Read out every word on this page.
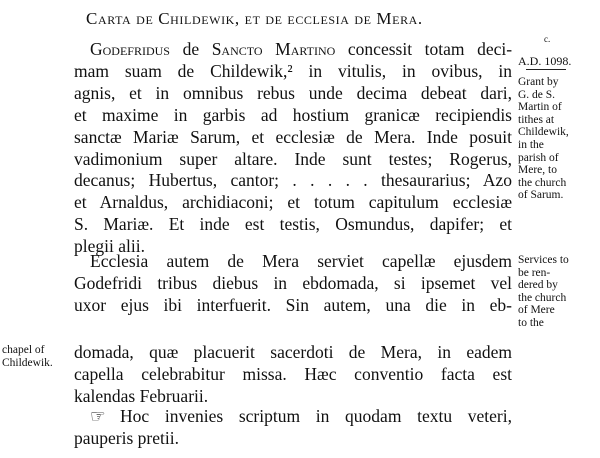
Carta de Childewik, et de ecclesia de Mera.
$^{c.}$
A.D. 1098.
Godefridus de Sancto Martino concessit totam deci-
mam suam de Childewik,² in vitulis, in ovibus, in
agnis, et in omnibus rebus unde decima debeat dari,
et maxime in garbis ad hostium granicæ recipiendis
sanctæ Mariæ Sarum, et ecclesiæ de Mera. Inde posuit
vadimonium super altare. Inde sunt testes; Rogerus,
decanus; Hubertus, cantor; . . . . . thesaurarius; Azo
et Arnaldus, archidiaconi; et totum capitulum ecclesiæ
S. Mariæ. Et inde est testis, Osmundus, dapifer; et
plegii alii.
Ecclesia autem de Mera serviet capellæ ejusdem
Godefridi tribus diebus in ebdomada, si ipsemet vel
uxor ejus ibi interfuerit. Sin autem, una die in eb-
domada, quæ placuerit sacerdoti de Mera, in eadem
capella celebrabitur missa. Hæc conventio facta est
kalendas Februarii.
☞ Hoc invenies scriptum in quodam textu veteri,
pauperis pretii.
Grant by
G. de S.
Martin of
tithes at
Childewik,
in the
parish of
Mere, to
the church
of Sarum.
Services to
be ren-
dered by
the church
of Mere
to the
chapel of
Childewik.
